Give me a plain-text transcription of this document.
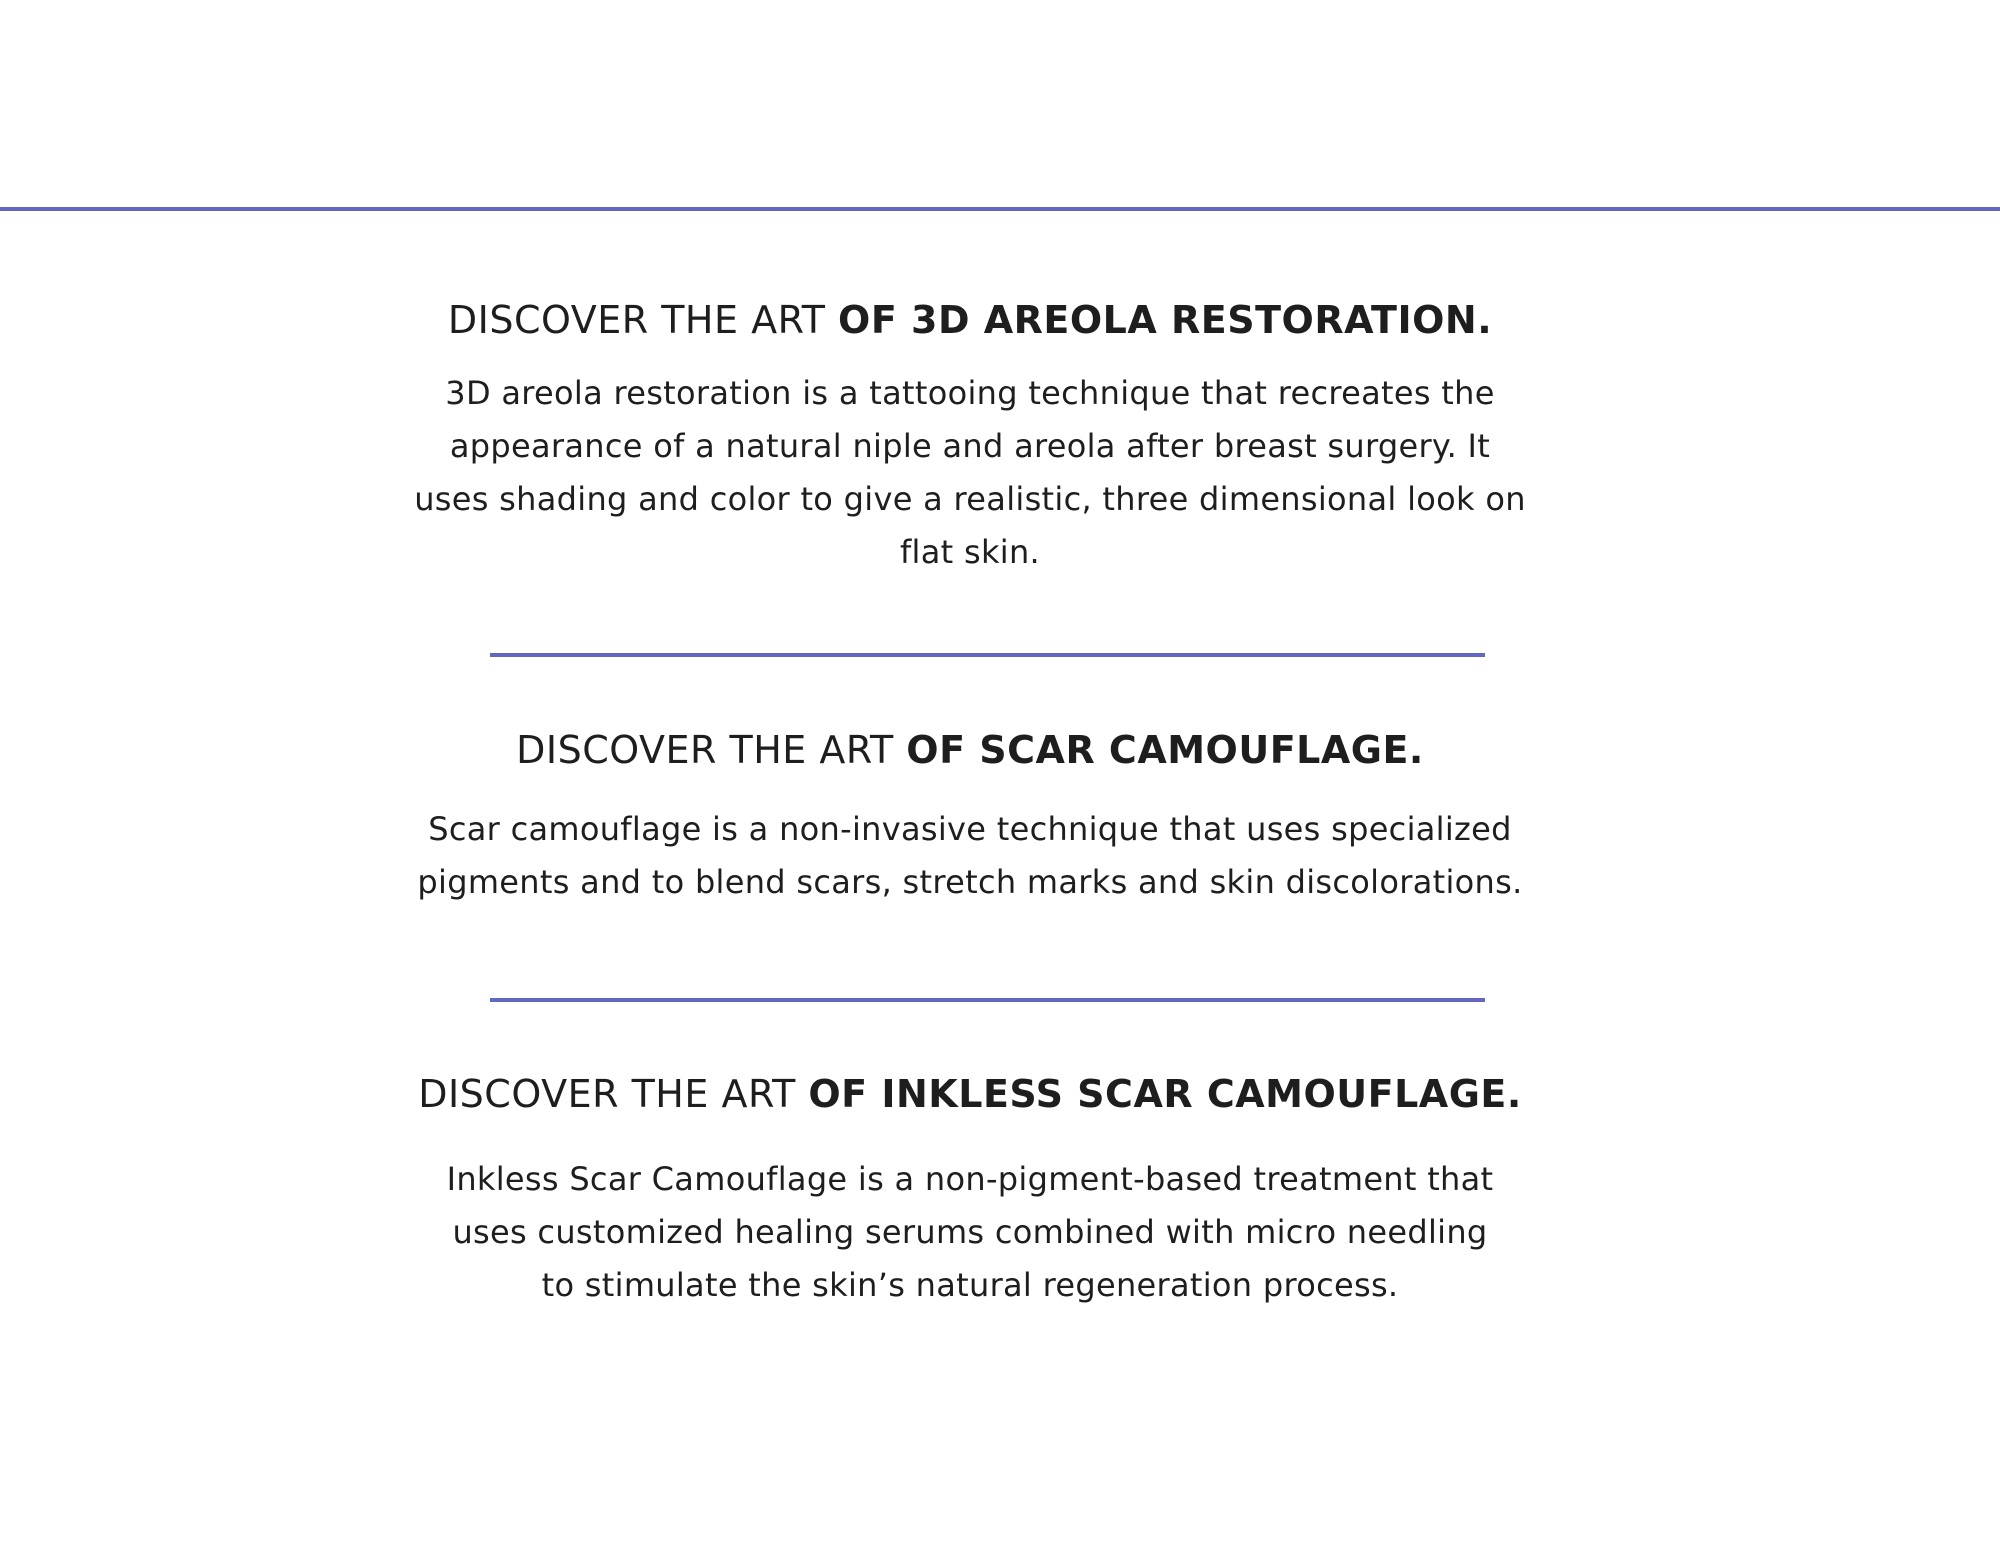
DISCOVER THE ART OF 3D AREOLA RESTORATION.
3D areola restoration is a tattooing technique that recreates the
appearance of a natural niple and areola after breast surgery. It
uses shading and color to give a realistic, three dimensional look on
flat skin.
DISCOVER THE ART OF SCAR CAMOUFLAGE.
Scar camouflage is a non-invasive technique that uses specialized
pigments and to blend scars, stretch marks and skin discolorations.
DISCOVER THE ART OF INKLESS SCAR CAMOUFLAGE.
Inkless Scar Camouflage is a non-pigment-based treatment that
uses customized healing serums combined with micro needling
to stimulate the skin’s natural regeneration process.
